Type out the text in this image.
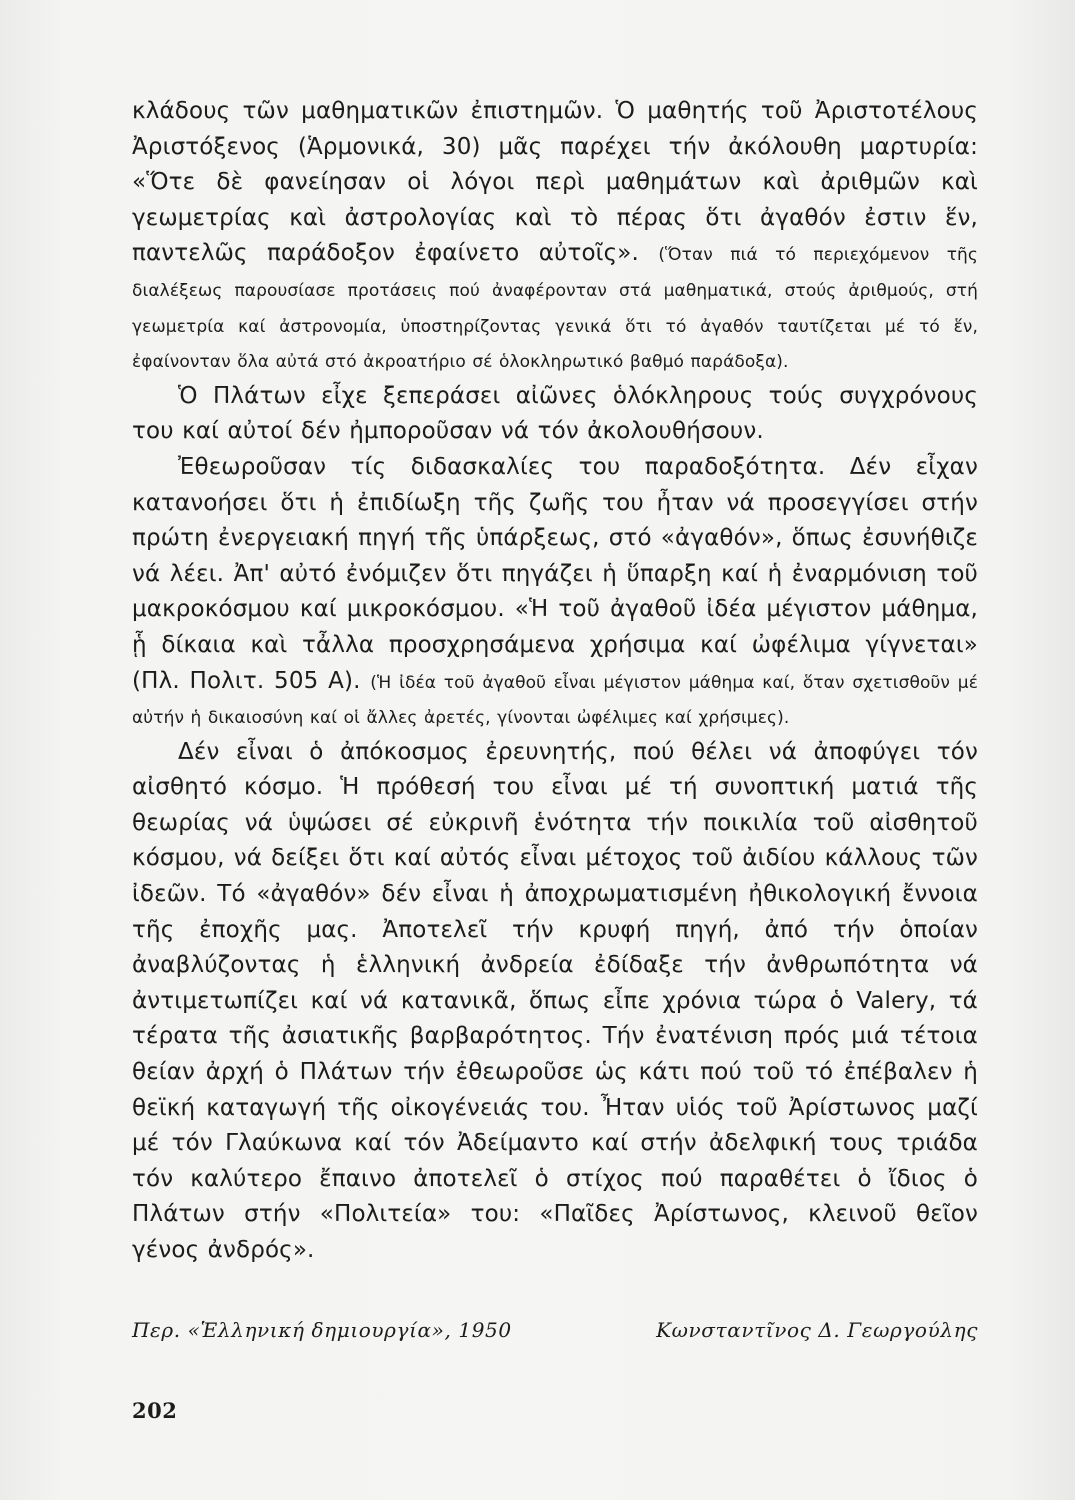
κλάδους τῶν μαθηματικῶν ἐπιστημῶν. Ὁ μαθητής τοῦ Ἀριστοτέλους Ἀριστόξενος (Ἁρμονικά, 30) μᾶς παρέχει τήν ἀκόλουθη μαρτυρία: «Ὅτε δὲ φανείησαν οἱ λόγοι περὶ μαθημάτων καὶ ἀριθμῶν καὶ γεωμετρίας καὶ ἀστρολογίας καὶ τὸ πέρας ὅτι ἀγαθόν ἐστιν ἕν, παντελῶς παράδοξον ἐφαίνετο αὐτοῖς». (Ὅταν πιά τό περιεχόμενον τῆς διαλέξεως παρουσίασε προτάσεις πού ἀναφέρονταν στά μαθηματικά, στούς ἀριθμούς, στή γεωμετρία καί ἀστρονομία, ὑποστηρίζοντας γενικά ὅτι τό ἀγαθόν ταυτίζεται μέ τό ἕν, ἐφαίνονταν ὅλα αὐτά στό ἀκροατήριο σέ ὁλοκληρωτικό βαθμό παράδοξα).

Ὁ Πλάτων εἶχε ξεπεράσει αἰῶνες ὁλόκληρους τούς συγχρόνους του καί αὐτοί δέν ἠμποροῦσαν νά τόν ἀκολουθήσουν.

Ἐθεωροῦσαν τίς διδασκαλίες του παραδοξότητα. Δέν εἶχαν κατανοήσει ὅτι ἡ ἐπιδίωξη τῆς ζωῆς του ἦταν νά προσεγγίσει στήν πρώτη ἐνεργειακή πηγή τῆς ὑπάρξεως, στό «ἀγαθόν», ὅπως ἐσυνήθιζε νά λέει. Ἀπ' αὐτό ἐνόμιζεν ὅτι πηγάζει ἡ ὕπαρξη καί ἡ ἐναρμόνιση τοῦ μακροκόσμου καί μικροκόσμου. «Ἡ τοῦ ἀγαθοῦ ἰδέα μέγιστον μάθημα, ᾗ δίκαια καὶ τἆλλα προσχρησάμενα χρήσιμα καί ὠφέλιμα γίγνεται» (Πλ. Πολιτ. 505 Α). (Ἡ ἰδέα τοῦ ἀγαθοῦ εἶναι μέγιστον μάθημα καί, ὅταν σχετισθοῦν μέ αὐτήν ἡ δικαιοσύνη καί οἱ ἄλλες ἀρετές, γίνονται ὠφέλιμες καί χρήσιμες).

Δέν εἶναι ὁ ἀπόκοσμος ἐρευνητής, πού θέλει νά ἀποφύγει τόν αἰσθητό κόσμο. Ἡ πρόθεσή του εἶναι μέ τή συνοπτική ματιά τῆς θεωρίας νά ὑψώσει σέ εὐκρινῆ ἑνότητα τήν ποικιλία τοῦ αἰσθητοῦ κόσμου, νά δείξει ὅτι καί αὐτός εἶναι μέτοχος τοῦ ἀιδίου κάλλους τῶν ἰδεῶν. Τό «ἀγαθόν» δέν εἶναι ἡ ἀποχρωματισμένη ἠθικολογική ἔννοια τῆς ἐποχῆς μας. Ἀποτελεῖ τήν κρυφή πηγή, ἀπό τήν ὁποίαν ἀναβλύζοντας ἡ ἑλληνική ἀνδρεία ἐδίδαξε τήν ἀνθρωπότητα νά ἀντιμετωπίζει καί νά κατανικᾶ, ὅπως εἶπε χρόνια τώρα ὁ Valery, τά τέρατα τῆς ἀσιατικῆς βαρβαρότητος. Τήν ἐνατένιση πρός μιά τέτοια θείαν ἀρχή ὁ Πλάτων τήν ἐθεωροῦσε ὡς κάτι πού τοῦ τό ἐπέβαλεν ἡ θεϊκή καταγωγή τῆς οἰκογένειάς του. Ἦταν υἱός τοῦ Ἀρίστωνος μαζί μέ τόν Γλαύκωνα καί τόν Ἀδείμαντο καί στήν ἀδελφική τους τριάδα τόν καλύτερο ἔπαινο ἀποτελεῖ ὁ στίχος πού παραθέτει ὁ ἴδιος ὁ Πλάτων στήν «Πολιτεία» του: «Παῖδες Ἀρίστωνος, κλεινοῦ θεῖον γένος ἀνδρός».

Περ. «Ἑλληνική δημιουργία», 1950	Κωνσταντῖνος Δ. Γεωργούλης
202
